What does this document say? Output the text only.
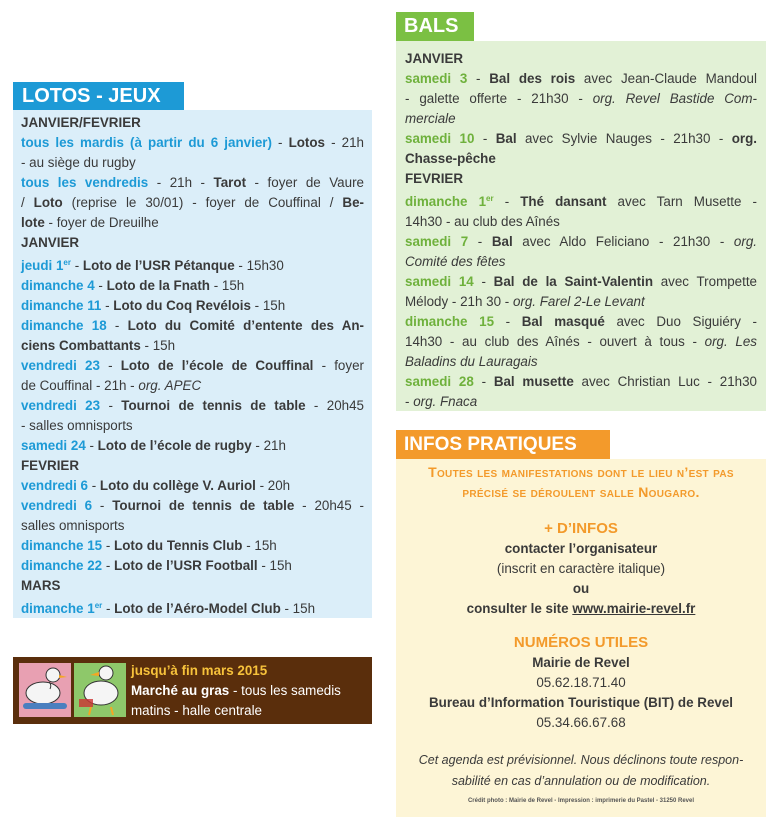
LOTOS - JEUX
JANVIER/FEVRIER
tous les mardis (à partir du 6 janvier) - Lotos - 21h
- au siège du rugby
tous les vendredis - 21h - Tarot - foyer de Vaure
/ Loto (reprise le 30/01) - foyer de Couffinal / Be-
lote - foyer de Dreuilhe
JANVIER
jeudi 1er - Loto de l’USR Pétanque - 15h30
dimanche 4 - Loto de la Fnath - 15h
dimanche 11 - Loto du Coq Revélois - 15h
dimanche 18 - Loto du Comité d’entente des An-
ciens Combattants - 15h
vendredi 23 - Loto de l’école de Couffinal - foyer
de Couffinal - 21h - org. APEC
vendredi 23 - Tournoi de tennis de table - 20h45
- salles omnisports
samedi 24 - Loto de l’école de rugby - 21h
FEVRIER
vendredi 6 - Loto du collège V. Auriol - 20h
vendredi 6 - Tournoi de tennis de table - 20h45 -
salles omnisports
dimanche 15 - Loto du Tennis Club - 15h
dimanche 22 - Loto de l’USR Football - 15h
MARS
dimanche 1er - Loto de l’Aéro-Model Club - 15h
jusqu’à fin mars 2015
Marché au gras - tous les samedis
matins - halle centrale
BALS
JANVIER
samedi 3 - Bal des rois avec Jean-Claude Mandoul
- galette offerte - 21h30 - org. Revel Bastide Com-
merciale
samedi 10 - Bal avec Sylvie Nauges - 21h30 - org.
Chasse-pêche
FEVRIER
dimanche 1er - Thé dansant avec Tarn Musette -
14h30 - au club des Aînés
samedi 7 - Bal avec Aldo Feliciano - 21h30 - org.
Comité des fêtes
samedi 14 - Bal de la Saint-Valentin avec Trompette
Mélody - 21h 30 - org. Farel 2-Le Levant
dimanche 15 - Bal masqué avec Duo Siguiéry -
14h30 - au club des Aînés - ouvert à tous - org. Les
Baladins du Lauragais
samedi 28 - Bal musette avec Christian Luc - 21h30
- org. Fnaca
INFOS PRATIQUES
Toutes les manifestations dont le lieu n’est pas
précisé se déroulent salle Nougaro.
+ D’INFOS
contacter l’organisateur
(inscrit en caractère italique)
ou
consulter le site www.mairie-revel.fr
NUMÉROS UTILES
Mairie de Revel
05.62.18.71.40
Bureau d’Information Touristique (BIT) de Revel
05.34.66.67.68
Cet agenda est prévisionnel. Nous déclinons toute respon-
sabilité en cas d’annulation ou de modification.
Crédit photo : Mairie de Revel - Impression : imprimerie du Pastel - 31250 Revel
